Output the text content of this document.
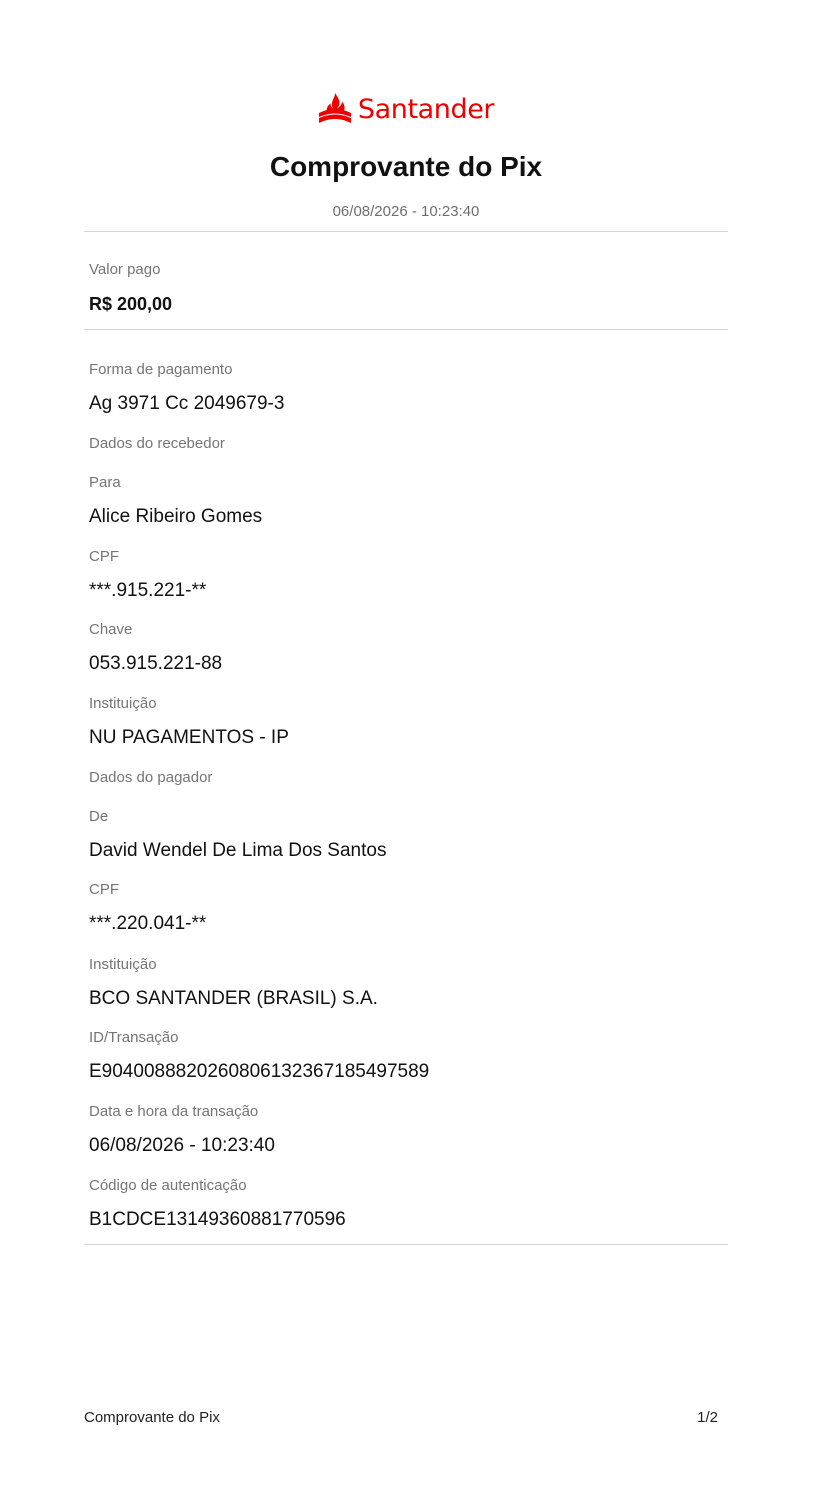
Santander
Comprovante do Pix
06/08/2026 - 10:23:40
Valor pago
R$ 200,00
Forma de pagamento
Ag 3971 Cc 2049679-3
Dados do recebedor
Para
Alice Ribeiro Gomes
CPF
***.915.221-**
Chave
053.915.221-88
Instituição
NU PAGAMENTOS - IP
Dados do pagador
De
David Wendel De Lima Dos Santos
CPF
***.220.041-**
Instituição
BCO SANTANDER (BRASIL) S.A.
ID/Transação
E90400888202608061323671854975​89
Data e hora da transação
06/08/2026 - 10:23:40
Código de autenticação
B1CDCE13149360881770596
Comprovante do Pix	1/2
